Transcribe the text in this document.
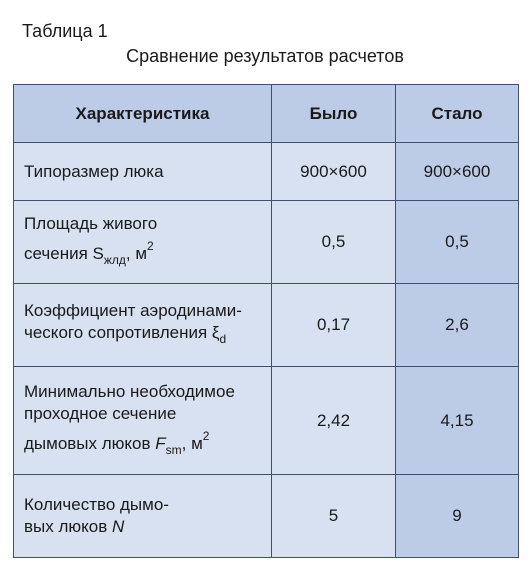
Таблица 1
Сравнение результатов расчетов
Характеристика	Было	Стало
Типоразмер люка	900×600	900×600
Площадь живого
сечения $S_{жлд}$, $м^2$	0,5	0,5
Коэффициент аэродинами-
ческого сопротивления $\xi_d$	0,17	2,6
Минимально необходимое
проходное сечение
дымовых люков $F_{sm}$, $м^2$	2,42	4,15
Количество дымо-
вых люков N	5	9
